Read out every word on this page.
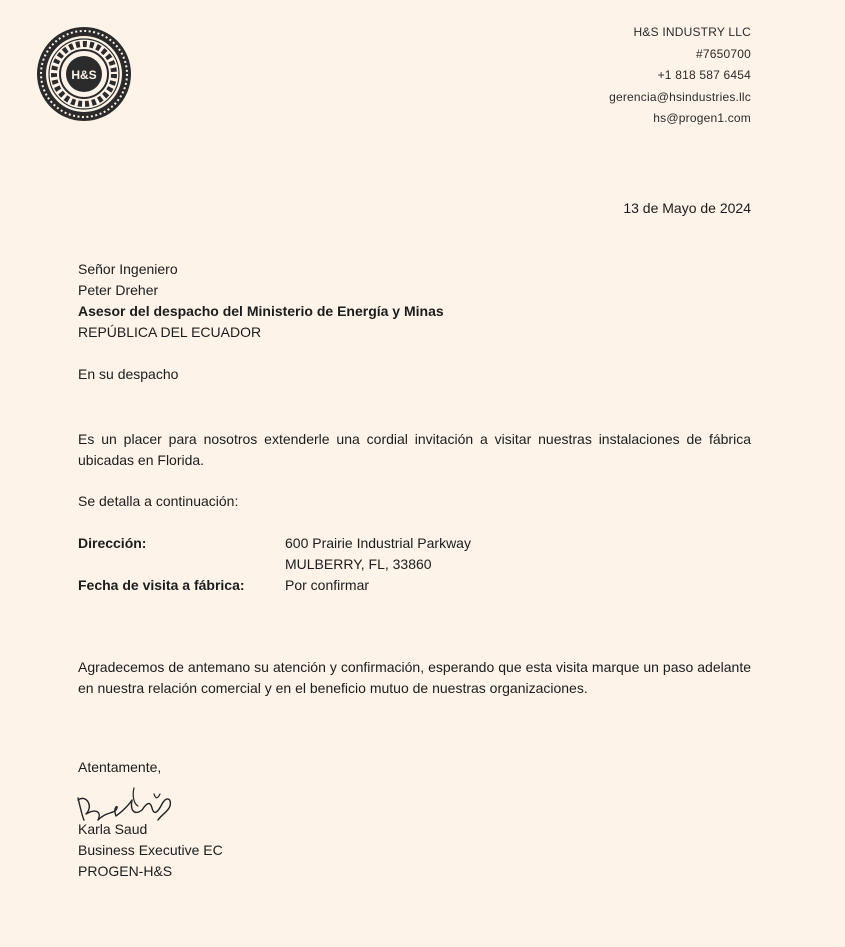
H&S
H&S INDUSTRY LLC
#7650700
+1 818 587 6454
gerencia@hsindustries.llc
hs@progen1.com
13 de Mayo de 2024
Señor Ingeniero
Peter Dreher
Asesor del despacho del Ministerio de Energía y Minas
REPÚBLICA DEL ECUADOR
En su despacho
Es un placer para nosotros extenderle una cordial invitación a visitar nuestras instalaciones de fábrica ubicadas en Florida.
Se detalla a continuación:
Dirección:	600 Prairie Industrial Parkway
MULBERRY, FL, 33860
Fecha de visita a fábrica:	Por confirmar
Agradecemos de antemano su atención y confirmación, esperando que esta visita marque un paso adelante en nuestra relación comercial y en el beneficio mutuo de nuestras organizaciones.
Atentamente,
Karla Saud
Business Executive EC
PROGEN-H&S
